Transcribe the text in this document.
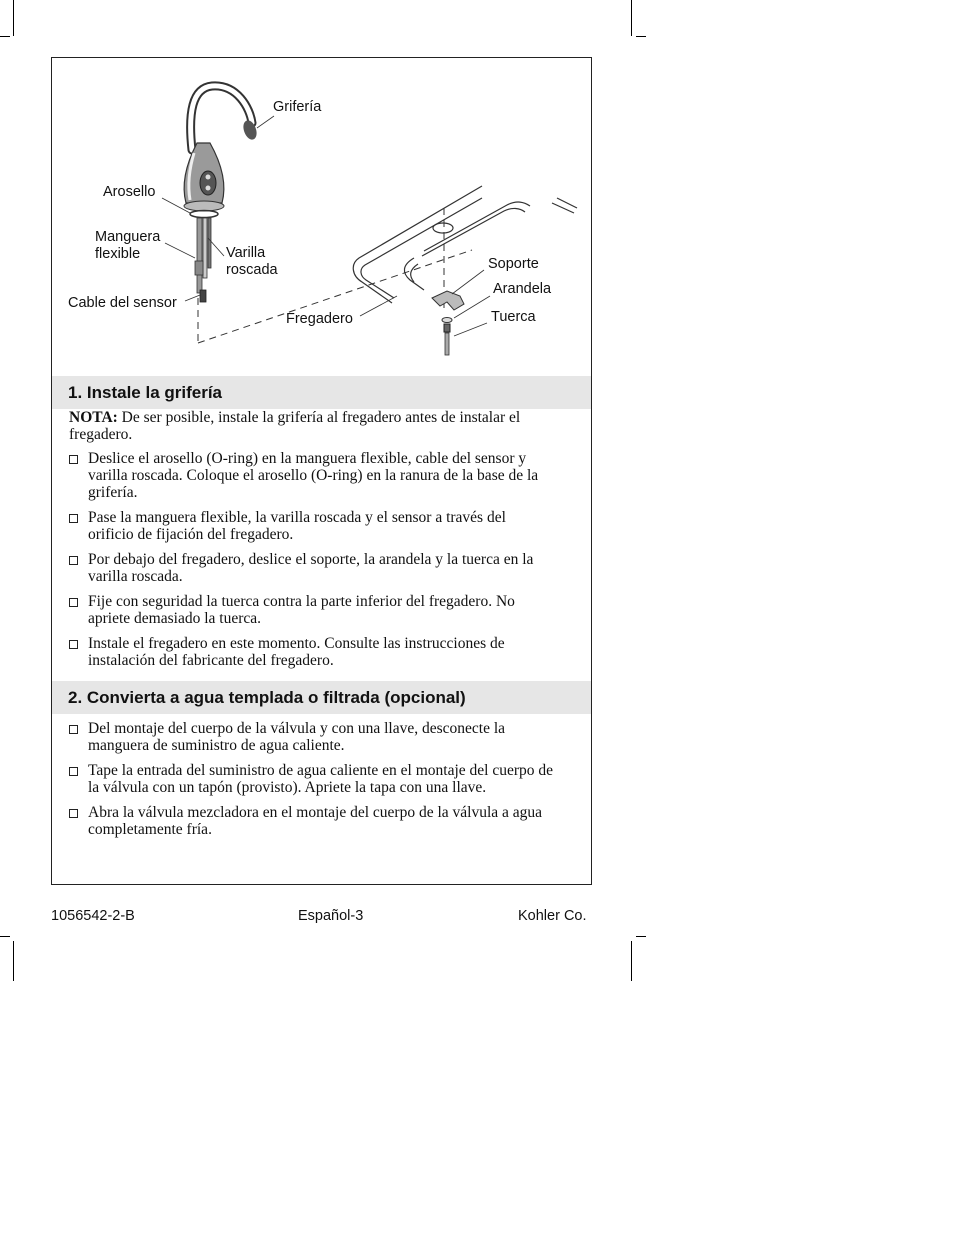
Grifería
Arosello
Manguera flexible	Varilla roscada
Cable del sensor
Fregadero
Soporte
Arandela
Tuerca
1. Instale la grifería
NOTA: De ser posible, instale la grifería al fregadero antes de instalar el fregadero.
Deslice el arosello (O-ring) en la manguera flexible, cable del sensor y varilla roscada. Coloque el arosello (O-ring) en la ranura de la base de la grifería.
Pase la manguera flexible, la varilla roscada y el sensor a través del orificio de fijación del fregadero.
Por debajo del fregadero, deslice el soporte, la arandela y la tuerca en la varilla roscada.
Fije con seguridad la tuerca contra la parte inferior del fregadero. No apriete demasiado la tuerca.
Instale el fregadero en este momento. Consulte las instrucciones de instalación del fabricante del fregadero.
2. Convierta a agua templada o filtrada (opcional)
Del montaje del cuerpo de la válvula y con una llave, desconecte la manguera de suministro de agua caliente.
Tape la entrada del suministro de agua caliente en el montaje del cuerpo de la válvula con un tapón (provisto). Apriete la tapa con una llave.
Abra la válvula mezcladora en el montaje del cuerpo de la válvula a agua completamente fría.
1056542-2-B	Español-3	Kohler Co.
